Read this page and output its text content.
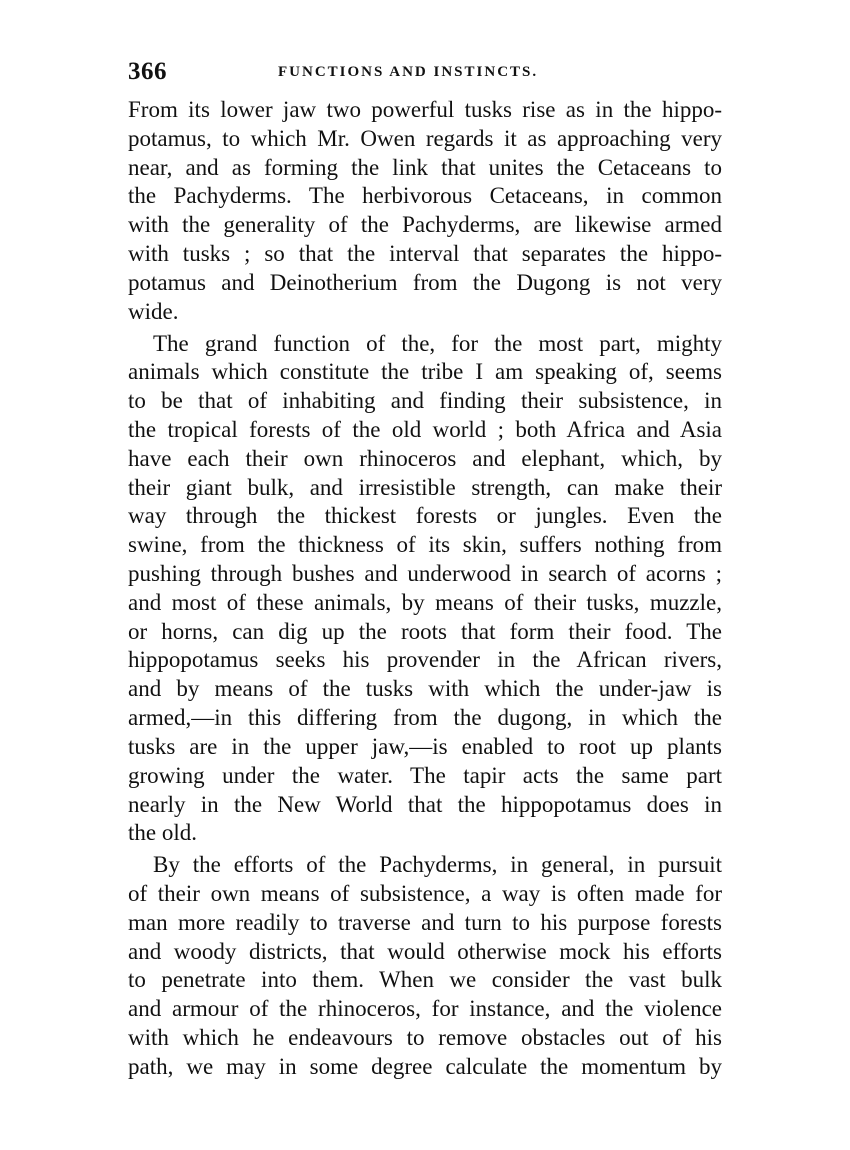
366	FUNCTIONS AND INSTINCTS.
From its lower jaw two powerful tusks rise as in the hippo-
potamus, to which Mr. Owen regards it as approaching very
near, and as forming the link that unites the Cetaceans to
the Pachyderms. The herbivorous Cetaceans, in common
with the generality of the Pachyderms, are likewise armed
with tusks ; so that the interval that separates the hippo-
potamus and Deinotherium from the Dugong is not very
wide.
The grand function of the, for the most part, mighty
animals which constitute the tribe I am speaking of, seems
to be that of inhabiting and finding their subsistence, in
the tropical forests of the old world ; both Africa and Asia
have each their own rhinoceros and elephant, which, by
their giant bulk, and irresistible strength, can make their
way through the thickest forests or jungles. Even the
swine, from the thickness of its skin, suffers nothing from
pushing through bushes and underwood in search of acorns ;
and most of these animals, by means of their tusks, muzzle,
or horns, can dig up the roots that form their food. The
hippopotamus seeks his provender in the African rivers,
and by means of the tusks with which the under-jaw is
armed,—in this differing from the dugong, in which the
tusks are in the upper jaw,—is enabled to root up plants
growing under the water. The tapir acts the same part
nearly in the New World that the hippopotamus does in
the old.
By the efforts of the Pachyderms, in general, in pursuit
of their own means of subsistence, a way is often made for
man more readily to traverse and turn to his purpose forests
and woody districts, that would otherwise mock his efforts
to penetrate into them. When we consider the vast bulk
and armour of the rhinoceros, for instance, and the violence
with which he endeavours to remove obstacles out of his
path, we may in some degree calculate the momentum by
